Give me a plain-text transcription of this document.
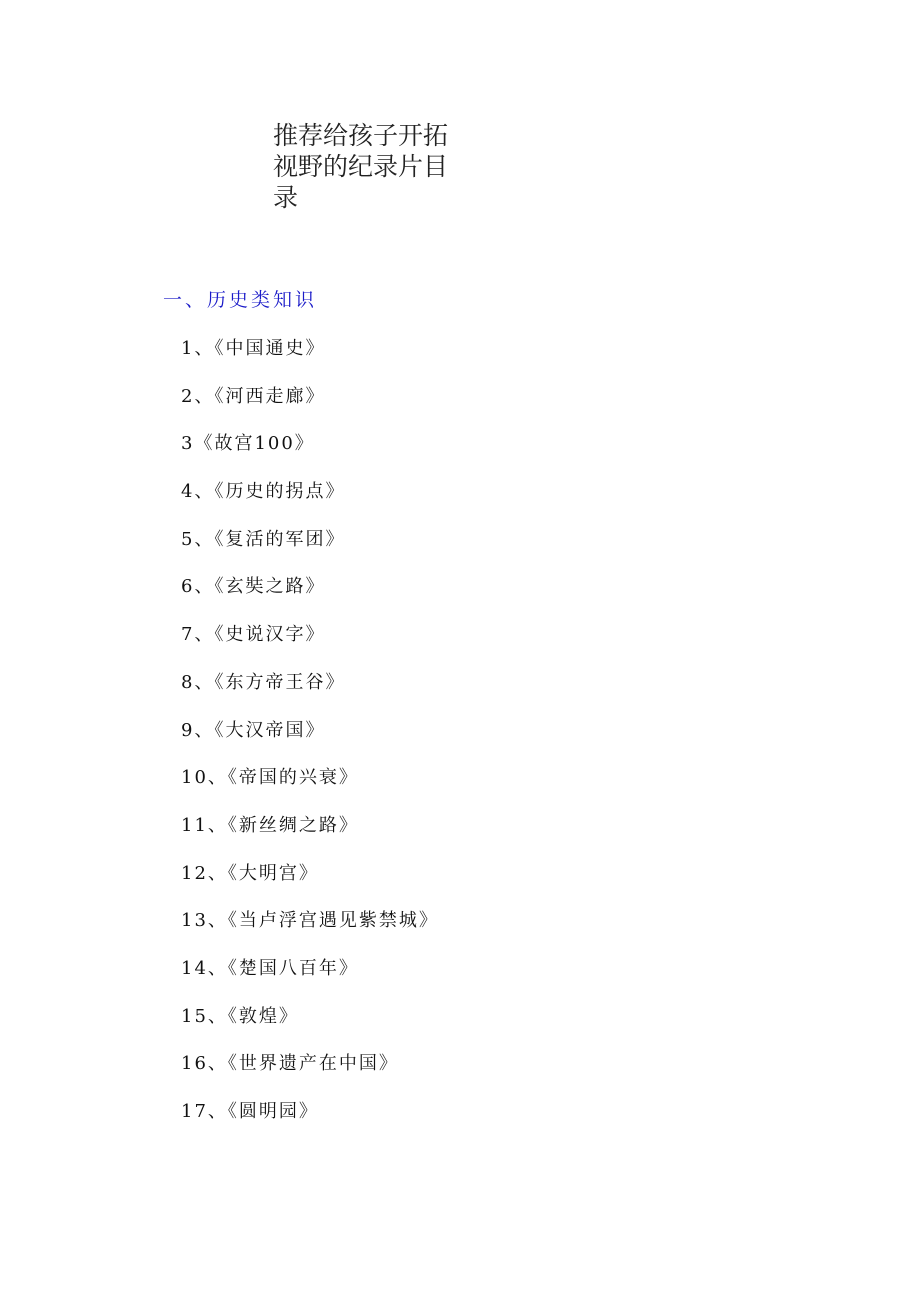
推荐给孩子开拓
视野的纪录片目
录
一、历史类知识
1、《中国通史》
2、《河西走廊》
3《故宫100》
4、《历史的拐点》
5、《复活的军团》
6、《玄奘之路》
7、《史说汉字》
8、《东方帝王谷》
9、《大汉帝国》
10、《帝国的兴衰》
11、《新丝绸之路》
12、《大明宫》
13、《当卢浮宫遇见紫禁城》
14、《楚国八百年》
15、《敦煌》
16、《世界遗产在中国》
17、《圆明园》
